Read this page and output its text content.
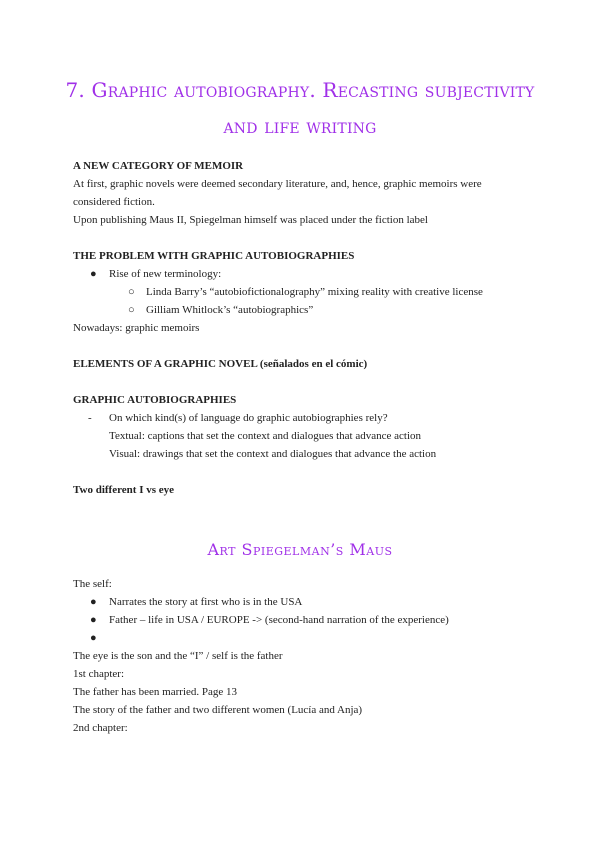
7. Graphic autobiography. Recasting subjectivity and life writing
A NEW CATEGORY OF MEMOIR
At first, graphic novels were deemed secondary literature, and, hence, graphic memoirs were
considered fiction.
Upon publishing Maus II, Spiegelman himself was placed under the fiction label
THE PROBLEM WITH GRAPHIC AUTOBIOGRAPHIES
● Rise of new terminology:
○ Linda Barry’s “autobiofictionalography” mixing reality with creative license
○ Gilliam Whitlock’s “autobiographics”
Nowadays: graphic memoirs
ELEMENTS OF A GRAPHIC NOVEL (señalados en el cómic)
GRAPHIC AUTOBIOGRAPHIES
- On which kind(s) of language do graphic autobiographies rely?
Textual: captions that set the context and dialogues that advance action
Visual: drawings that set the context and dialogues that advance the action
Two different I vs eye
Art Spiegelman’s Maus
The self:
● Narrates the story at first who is in the USA
● Father – life in USA / EUROPE -> (second-hand narration of the experience)
●
The eye is the son and the “I” / self is the father
1st chapter:
The father has been married. Page 13
The story of the father and two different women (Lucía and Anja)
2nd chapter:
